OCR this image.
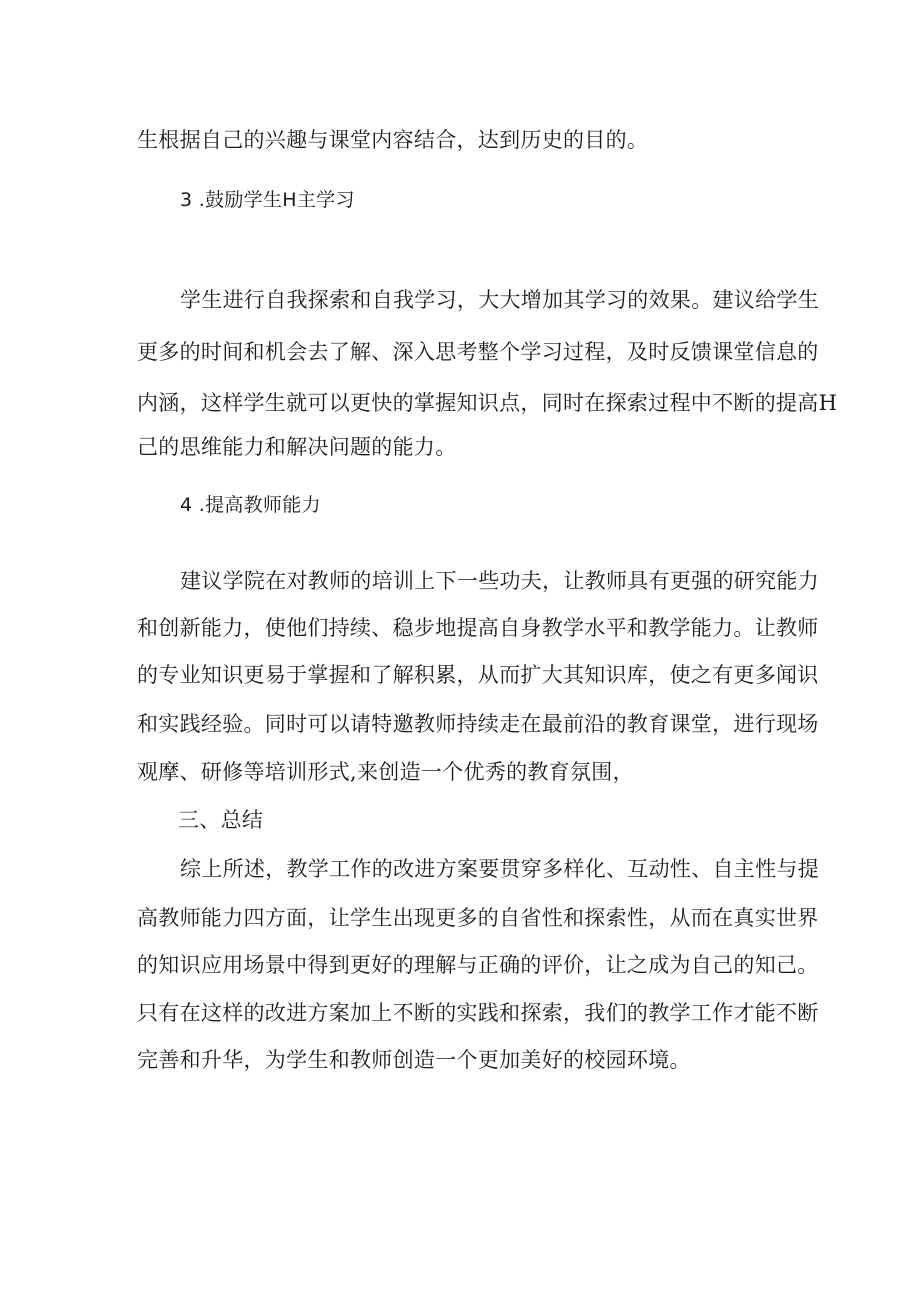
生根据自己的兴趣与课堂内容结合，达到历史的目的。
3 .鼓励学生H主学习
学生进行自我探索和自我学习，大大增加其学习的效果。建议给学生
更多的时间和机会去了解、深入思考整个学习过程，及时反馈课堂信息的
内涵，这样学生就可以更快的掌握知识点，同时在探索过程中不断的提高H
己的思维能力和解决问题的能力。
4 .提高教师能力
建议学院在对教师的培训上下一些功夫，让教师具有更强的研究能力
和创新能力，使他们持续、稳步地提高自身教学水平和教学能力。让教师
的专业知识更易于掌握和了解积累，从而扩大其知识库，使之有更多闻识
和实践经验。同时可以请特邀教师持续走在最前沿的教育课堂，进行现场
观摩、研修等培训形式,来创造一个优秀的教育氛围，
三、总结
综上所述，教学工作的改进方案要贯穿多样化、互动性、自主性与提
高教师能力四方面，让学生出现更多的自省性和探索性，从而在真实世界
的知识应用场景中得到更好的理解与正确的评价，让之成为自己的知己。
只有在这样的改进方案加上不断的实践和探索，我们的教学工作才能不断
完善和升华，为学生和教师创造一个更加美好的校园环境。
